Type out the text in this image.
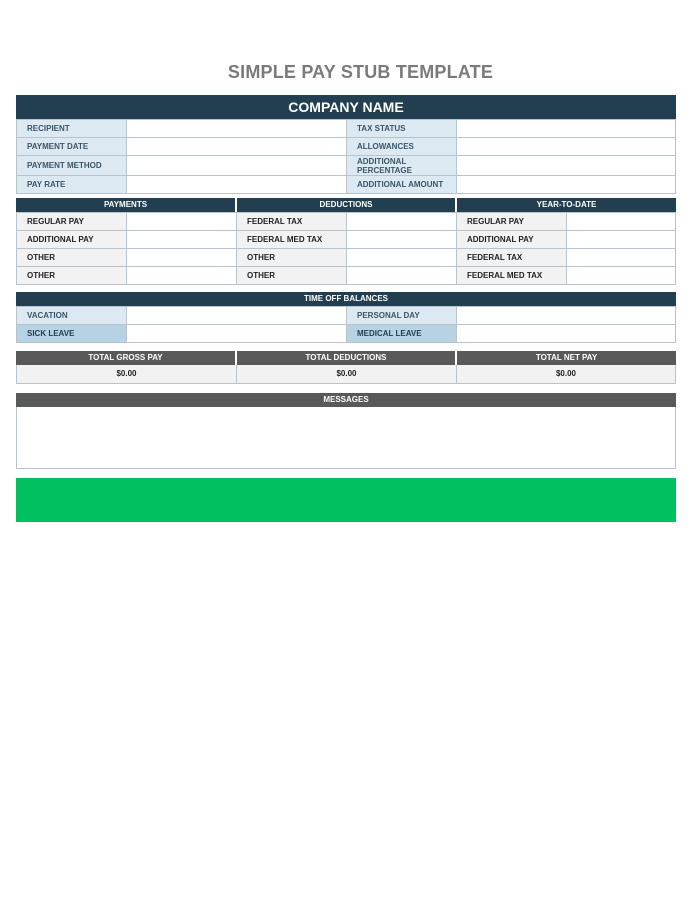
SIMPLE PAY STUB TEMPLATE
COMPANY NAME
RECIPIENT	TAX STATUS
PAYMENT DATE	ALLOWANCES
PAYMENT METHOD	ADDITIONAL PERCENTAGE
PAY RATE	ADDITIONAL AMOUNT
PAYMENTS	DEDUCTIONS	YEAR-TO-DATE
REGULAR PAY	FEDERAL TAX	REGULAR PAY
ADDITIONAL PAY	FEDERAL MED TAX	ADDITIONAL PAY
OTHER	OTHER	FEDERAL TAX
OTHER	OTHER	FEDERAL MED TAX
TIME OFF BALANCES
VACATION	PERSONAL DAY
SICK LEAVE	MEDICAL LEAVE
TOTAL GROSS PAY	TOTAL DEDUCTIONS	TOTAL NET PAY
$0.00	$0.00	$0.00
MESSAGES
